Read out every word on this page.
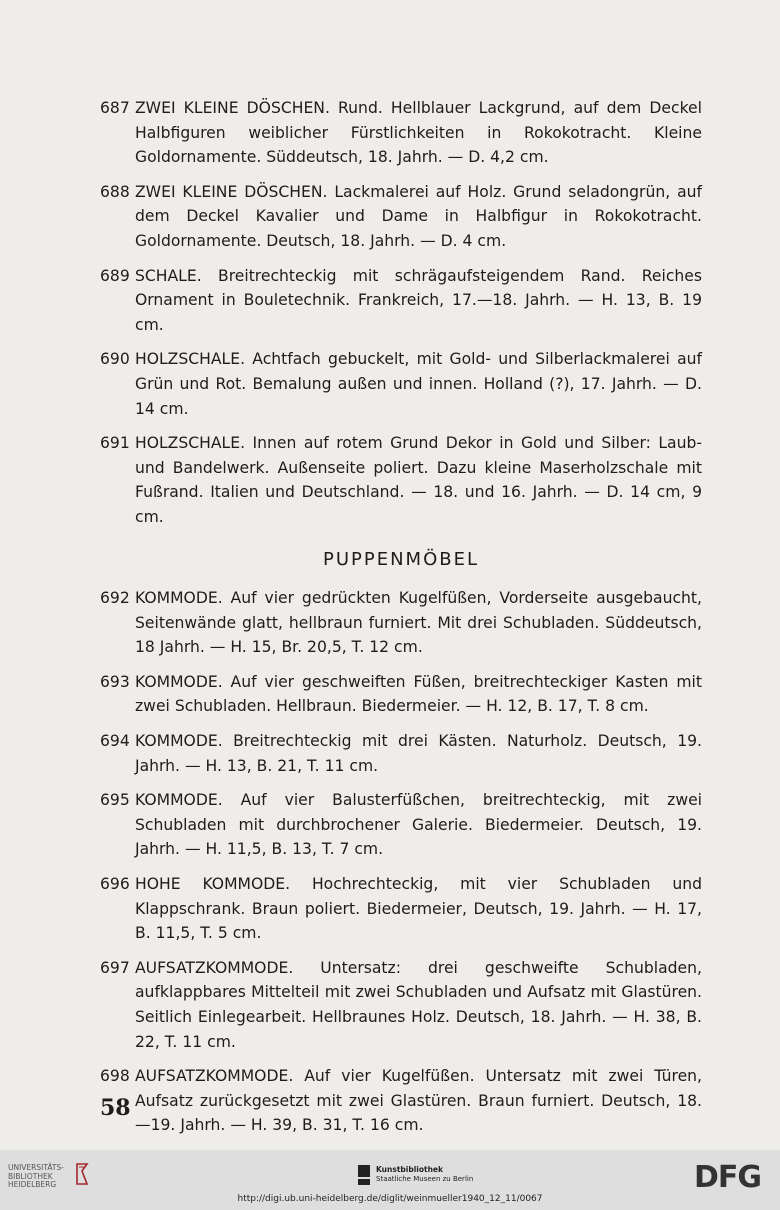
687 ZWEI KLEINE DÖSCHEN. Rund. Hellblauer Lackgrund, auf dem Deckel Halbfiguren weiblicher Fürstlichkeiten in Rokokotracht. Kleine Goldornamente. Süddeutsch, 18. Jahrh. — D. 4,2 cm.
688 ZWEI KLEINE DÖSCHEN. Lackmalerei auf Holz. Grund seladongrün, auf dem Deckel Kavalier und Dame in Halbfigur in Rokokotracht. Goldornamente. Deutsch, 18. Jahrh. — D. 4 cm.
689 SCHALE. Breitrechteckig mit schrägaufsteigendem Rand. Reiches Ornament in Bouletechnik. Frankreich, 17.—18. Jahrh. — H. 13, B. 19 cm.
690 HOLZSCHALE. Achtfach gebuckelt, mit Gold- und Silberlackmalerei auf Grün und Rot. Bemalung außen und innen. Holland (?), 17. Jahrh. — D. 14 cm.
691 HOLZSCHALE. Innen auf rotem Grund Dekor in Gold und Silber: Laub- und Bandelwerk. Außenseite poliert. Dazu kleine Maserholzschale mit Fußrand. Italien und Deutschland. — 18. und 16. Jahrh. — D. 14 cm, 9 cm.
PUPPENMÖBEL
692 KOMMODE. Auf vier gedrückten Kugelfüßen, Vorderseite ausgebaucht, Seitenwände glatt, hellbraun furniert. Mit drei Schubladen. Süddeutsch, 18 Jahrh. — H. 15, Br. 20,5, T. 12 cm.
693 KOMMODE. Auf vier geschweiften Füßen, breitrechteckiger Kasten mit zwei Schubladen. Hellbraun. Biedermeier. — H. 12, B. 17, T. 8 cm.
694 KOMMODE. Breitrechteckig mit drei Kästen. Naturholz. Deutsch, 19. Jahrh. — H. 13, B. 21, T. 11 cm.
695 KOMMODE. Auf vier Balusterfüßchen, breitrechteckig, mit zwei Schubladen mit durchbrochener Galerie. Biedermeier. Deutsch, 19. Jahrh. — H. 11,5, B. 13, T. 7 cm.
696 HOHE KOMMODE. Hochrechteckig, mit vier Schubladen und Klappschrank. Braun poliert. Biedermeier, Deutsch, 19. Jahrh. — H. 17, B. 11,5, T. 5 cm.
697 AUFSATZKOMMODE. Untersatz: drei geschweifte Schubladen, aufklappbares Mittelteil mit zwei Schubladen und Aufsatz mit Glastüren. Seitlich Einlegearbeit. Hellbraunes Holz. Deutsch, 18. Jahrh. — H. 38, B. 22, T. 11 cm.
698 AUFSATZKOMMODE. Auf vier Kugelfüßen. Untersatz mit zwei Türen, Aufsatz zurückgesetzt mit zwei Glastüren. Braun furniert. Deutsch, 18.—19. Jahrh. — H. 39, B. 31, T. 16 cm.
58
UNIVERSITÄTS-
BIBLIOTHEK
HEIDELBERG
Kunstbibliothek
Staatliche Museen zu Berlin	DFG
http://digi.ub.uni-heidelberg.de/diglit/weinmueller1940_12_11/0067
